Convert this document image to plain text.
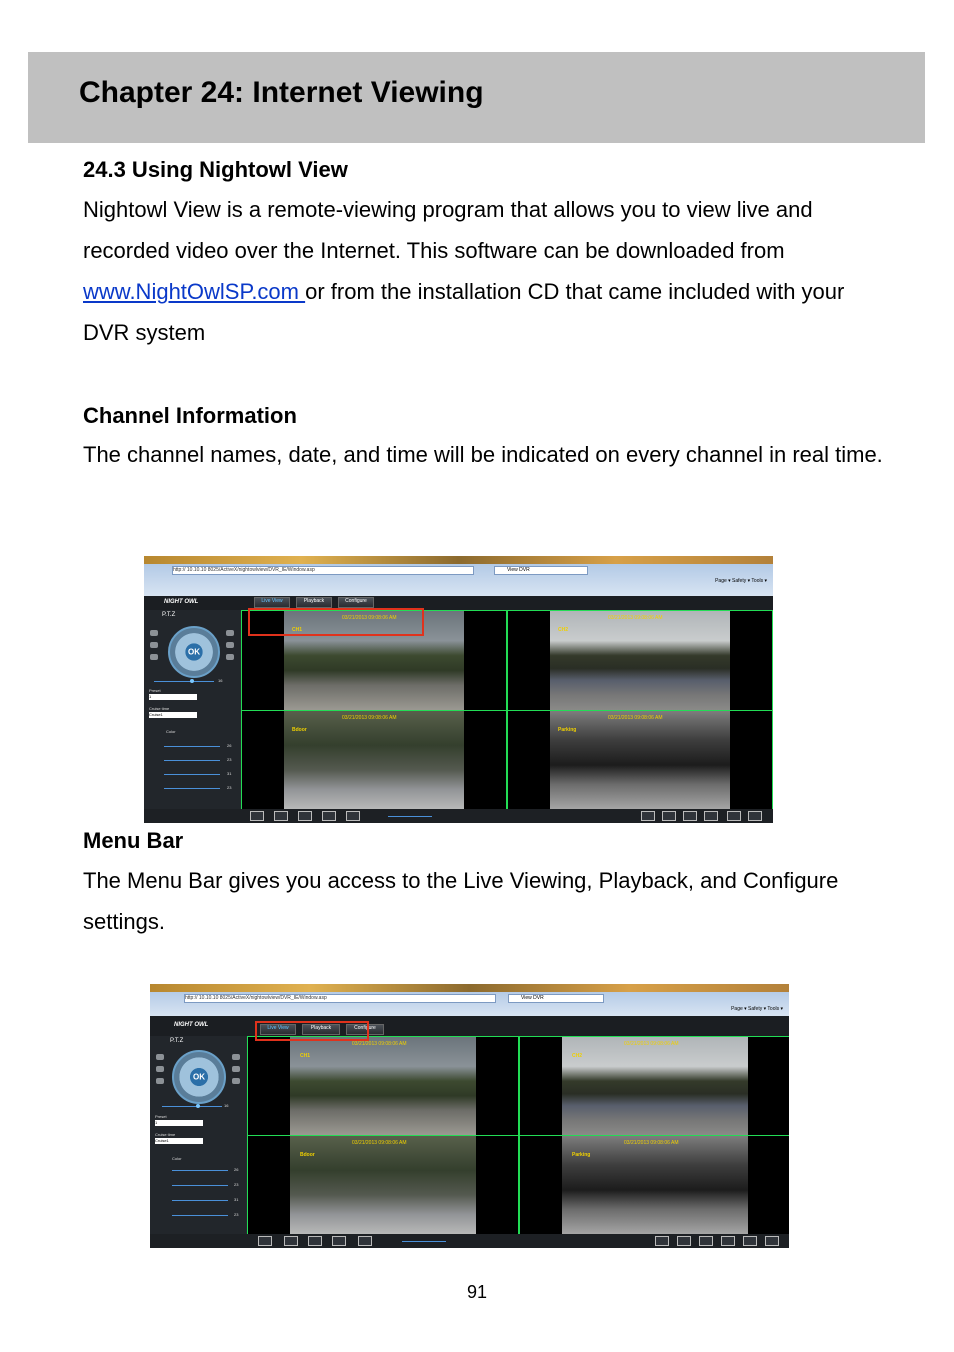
Chapter 24: Internet Viewing
24.3 Using Nightowl View

Nightowl View is a remote-viewing program that allows you to view live and recorded video over the Internet. This software can be downloaded from www.NightOwlSP.com or from the installation CD that came included with your DVR system

Channel Information

The channel names, date, and time will be indicated on every channel in real time.

http:// 10.10.10 8025/ActiveX/nightowlview/DVR_IE/Window.asp	View DVR
Page ▾ Safety ▾ Tools ▾
NIGHT OWL	Live View	Playback	Configure
P.T.Z
OK
16
Preset
1
Cruise time
Cruise1
Color
26
23
31
23
CH1
03/21/2013 09:08:06 AM
CH2
03/21/2013 09:08:06 AM
Bdoor
03/21/2013 09:08:06 AM
Parking
03/21/2013 09:08:06 AM
Menu Bar

The Menu Bar gives you access to the Live Viewing, Playback, and Configure settings.

http:// 10.10.10 8025/ActiveX/nightowlview/DVR_IE/Window.asp	View DVR
Page ▾ Safety ▾ Tools ▾
NIGHT OWL	Live View	Playback	Configure
P.T.Z
OK
16
Preset
1
Cruise time
Cruise1
Color
26
23
31
23
CH1
03/21/2013 09:08:06 AM
CH2
03/21/2013 09:08:06 AM
Bdoor
03/21/2013 09:08:06 AM
Parking
03/21/2013 09:08:06 AM
91
